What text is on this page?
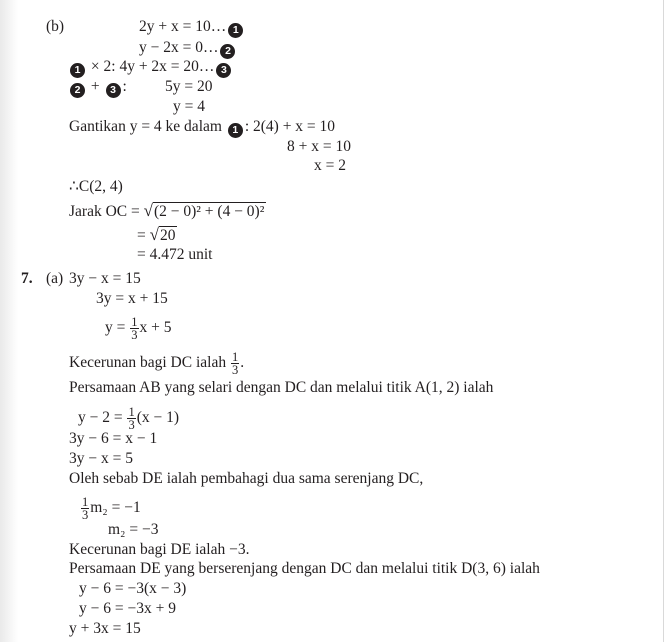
(b)	2y + x = 10… 1
y − 2x = 0… 2
1 × 2: 4y + 2x = 20… 3
2 + 3 : 5y = 20
y = 4
Gantikan y = 4 ke dalam 1 : 2(4) + x = 10
8 + x = 10
x = 2
∴C(2, 4)
Jarak OC = √(2 − 0)² + (4 − 0)²
= √20
= 4.472 unit
7. (a) 3y − x = 15
3y = x + 15
$y = \frac{1}{3}$ x + 5
Kecerunan bagi DC ialah $\frac{1}{3}$ .
Persamaan AB yang selari dengan DC dan melalui titik A(1, 2) ialah
$y - 2 = \frac{1}{3} (x - 1)$
3y − 6 = x − 1
3y − x = 5
Oleh sebab DE ialah pembahagi dua sama serenjang DC,
$\frac{1}{3} m_2 = -1$
m₂ = −3
Kecerunan bagi DE ialah −3.
Persamaan DE yang berserenjang dengan DC dan melalui titik D(3, 6) ialah
y − 6 = −3(x − 3)
y − 6 = −3x + 9
y + 3x = 15
